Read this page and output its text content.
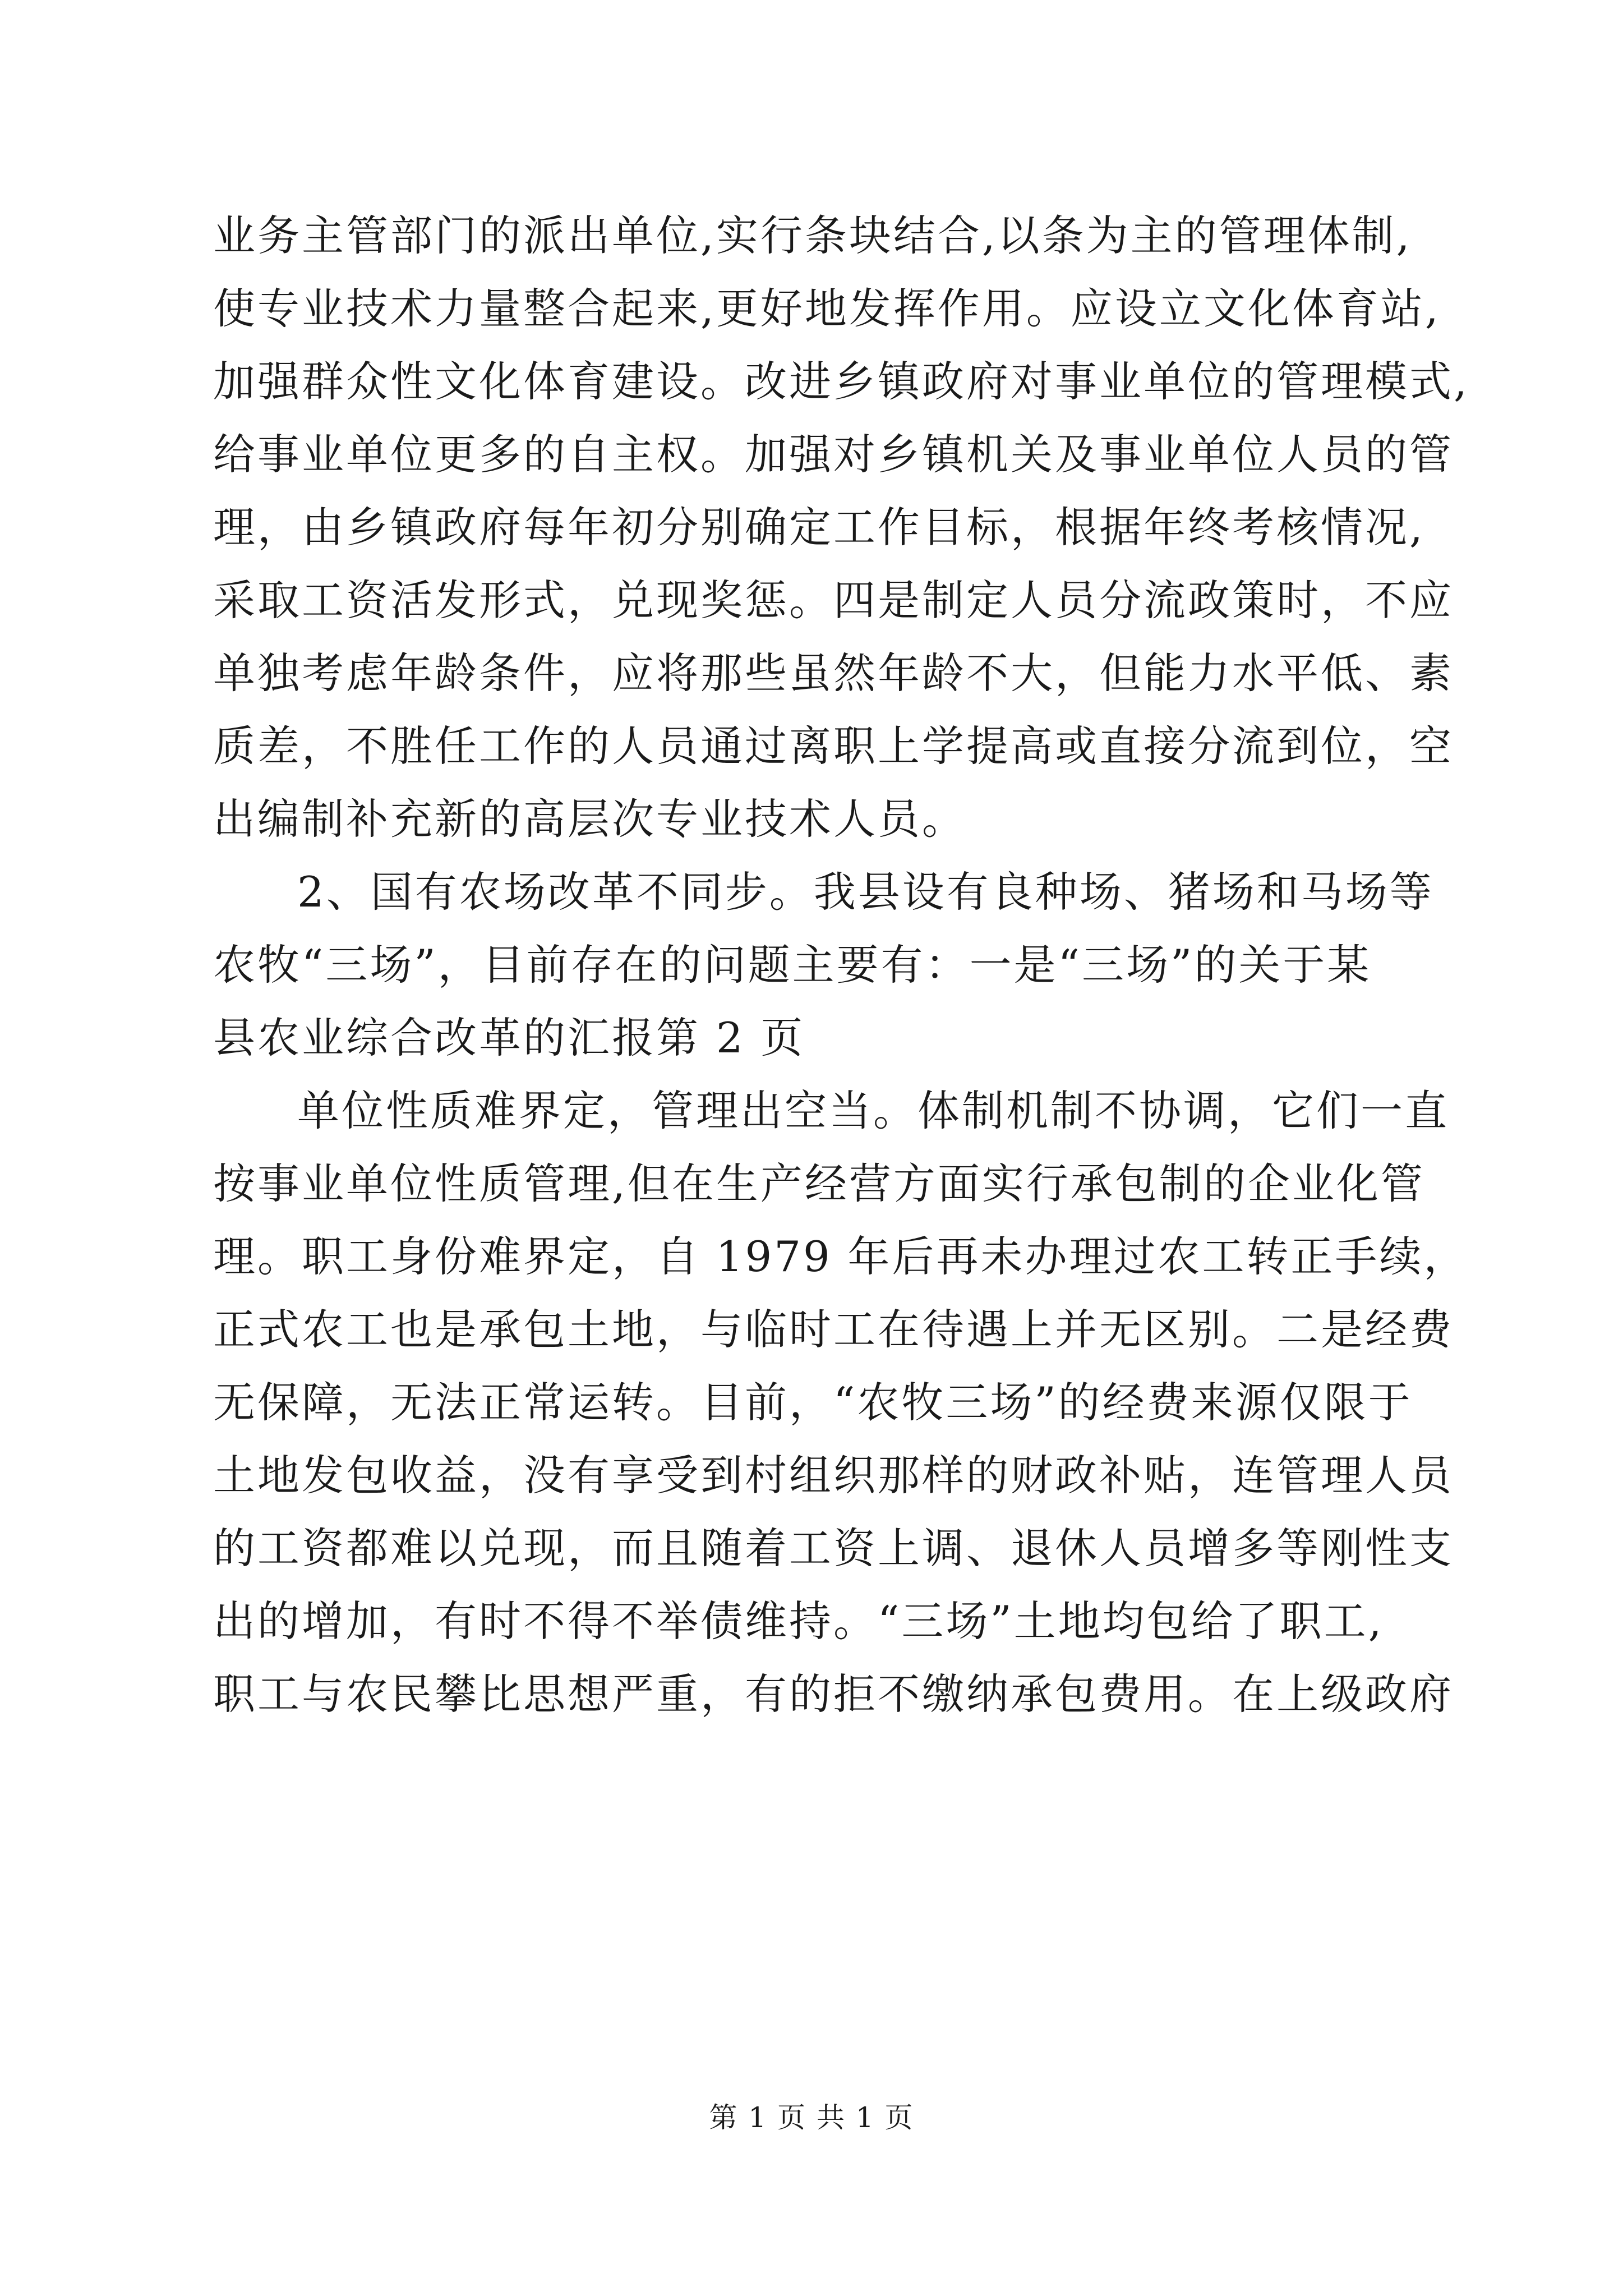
业务主管部门的派出单位,实行条块结合,以条为主的管理体制,
使专业技术力量整合起来,更好地发挥作用。应设立文化体育站,
加强群众性文化体育建设。改进乡镇政府对事业单位的管理模式,
给事业单位更多的自主权。加强对乡镇机关及事业单位人员的管
理，由乡镇政府每年初分别确定工作目标，根据年终考核情况,
采取工资活发形式，兑现奖惩。四是制定人员分流政策时，不应
单独考虑年龄条件，应将那些虽然年龄不大，但能力水平低、素
质差，不胜任工作的人员通过离职上学提高或直接分流到位，空
出编制补充新的高层次专业技术人员。
2、国有农场改革不同步。我县设有良种场、猪场和马场等
农牧“三场”，目前存在的问题主要有：一是“三场”的关于某
县农业综合改革的汇报第 2 页
单位性质难界定，管理出空当。体制机制不协调，它们一直
按事业单位性质管理,但在生产经营方面实行承包制的企业化管
理。职工身份难界定，自 1979 年后再未办理过农工转正手续，
正式农工也是承包土地，与临时工在待遇上并无区别。二是经费
无保障，无法正常运转。目前，“农牧三场”的经费来源仅限于
土地发包收益，没有享受到村组织那样的财政补贴，连管理人员
的工资都难以兑现，而且随着工资上调、退休人员增多等刚性支
出的增加，有时不得不举债维持。“三场”土地均包给了职工,
职工与农民攀比思想严重，有的拒不缴纳承包费用。在上级政府
第 1 页 共 1 页
